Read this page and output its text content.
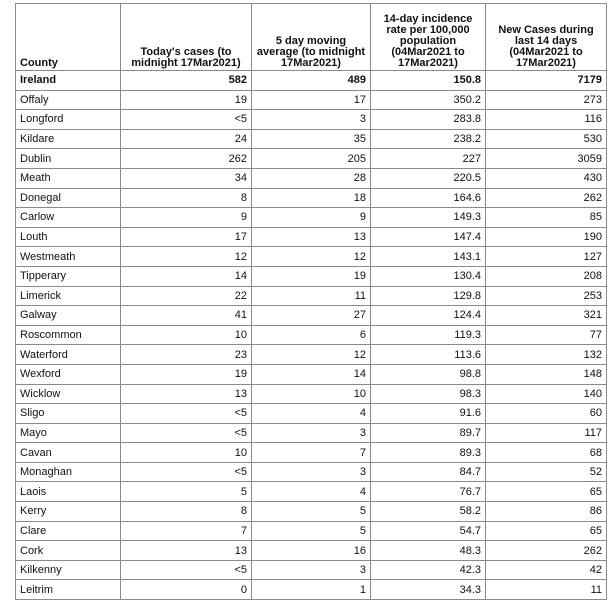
County	Today's cases (to midnight 17Mar2021)	5 day moving average (to midnight 17Mar2021)	14-day incidence rate per 100,000 population (04Mar2021 to 17Mar2021)	New Cases during last 14 days (04Mar2021 to 17Mar2021)
Ireland	582	489	150.8	7179
Offaly	19	17	350.2	273
Longford	<5	3	283.8	116
Kildare	24	35	238.2	530
Dublin	262	205	227	3059
Meath	34	28	220.5	430
Donegal	8	18	164.6	262
Carlow	9	9	149.3	85
Louth	17	13	147.4	190
Westmeath	12	12	143.1	127
Tipperary	14	19	130.4	208
Limerick	22	11	129.8	253
Galway	41	27	124.4	321
Roscommon	10	6	119.3	77
Waterford	23	12	113.6	132
Wexford	19	14	98.8	148
Wicklow	13	10	98.3	140
Sligo	<5	4	91.6	60
Mayo	<5	3	89.7	117
Cavan	10	7	89.3	68
Monaghan	<5	3	84.7	52
Laois	5	4	76.7	65
Kerry	8	5	58.2	86
Clare	7	5	54.7	65
Cork	13	16	48.3	262
Kilkenny	<5	3	42.3	42
Leitrim	0	1	34.3	11
